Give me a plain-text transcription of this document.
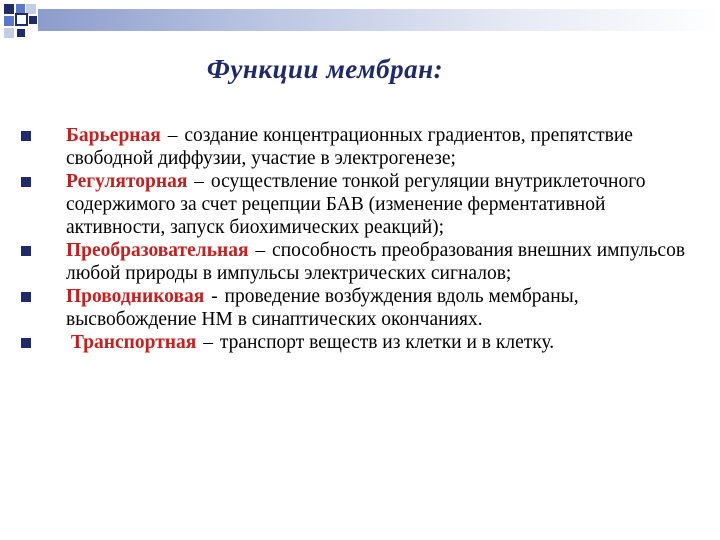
Функции мембран:
Барьерная – создание концентрационных градиентов, препятствие свободной диффузии, участие в электрогенезе;
Регуляторная – осуществление тонкой регуляции внутриклеточного содержимого за счет рецепции БАВ (изменение ферментативной активности, запуск биохимических реакций);
Преобразовательная – способность преобразования внешних импульсов любой природы в импульсы электрических сигналов;
Проводниковая - проведение возбуждения вдоль мембраны, высвобождение НМ в синаптических окончаниях.
Транспортная – транспорт веществ из клетки и в клетку.
